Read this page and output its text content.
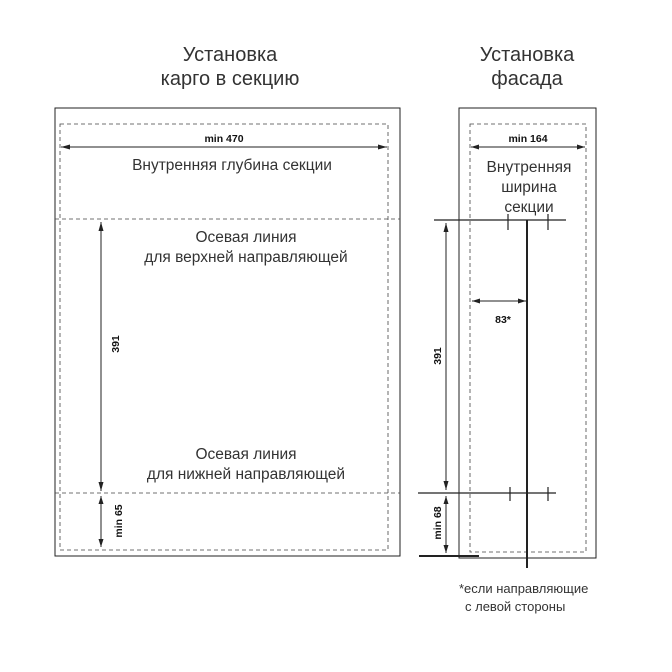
Установка
карго в секцию
min 470
Внутренняя глубина секции
Осевая линия
для верхней направляющей
Осевая линия
для нижней направляющей
391
min 65
Установка
фасада
min 164
Внутренняя
ширина
секции
83*
391
min 68
*если направляющие
с левой стороны
